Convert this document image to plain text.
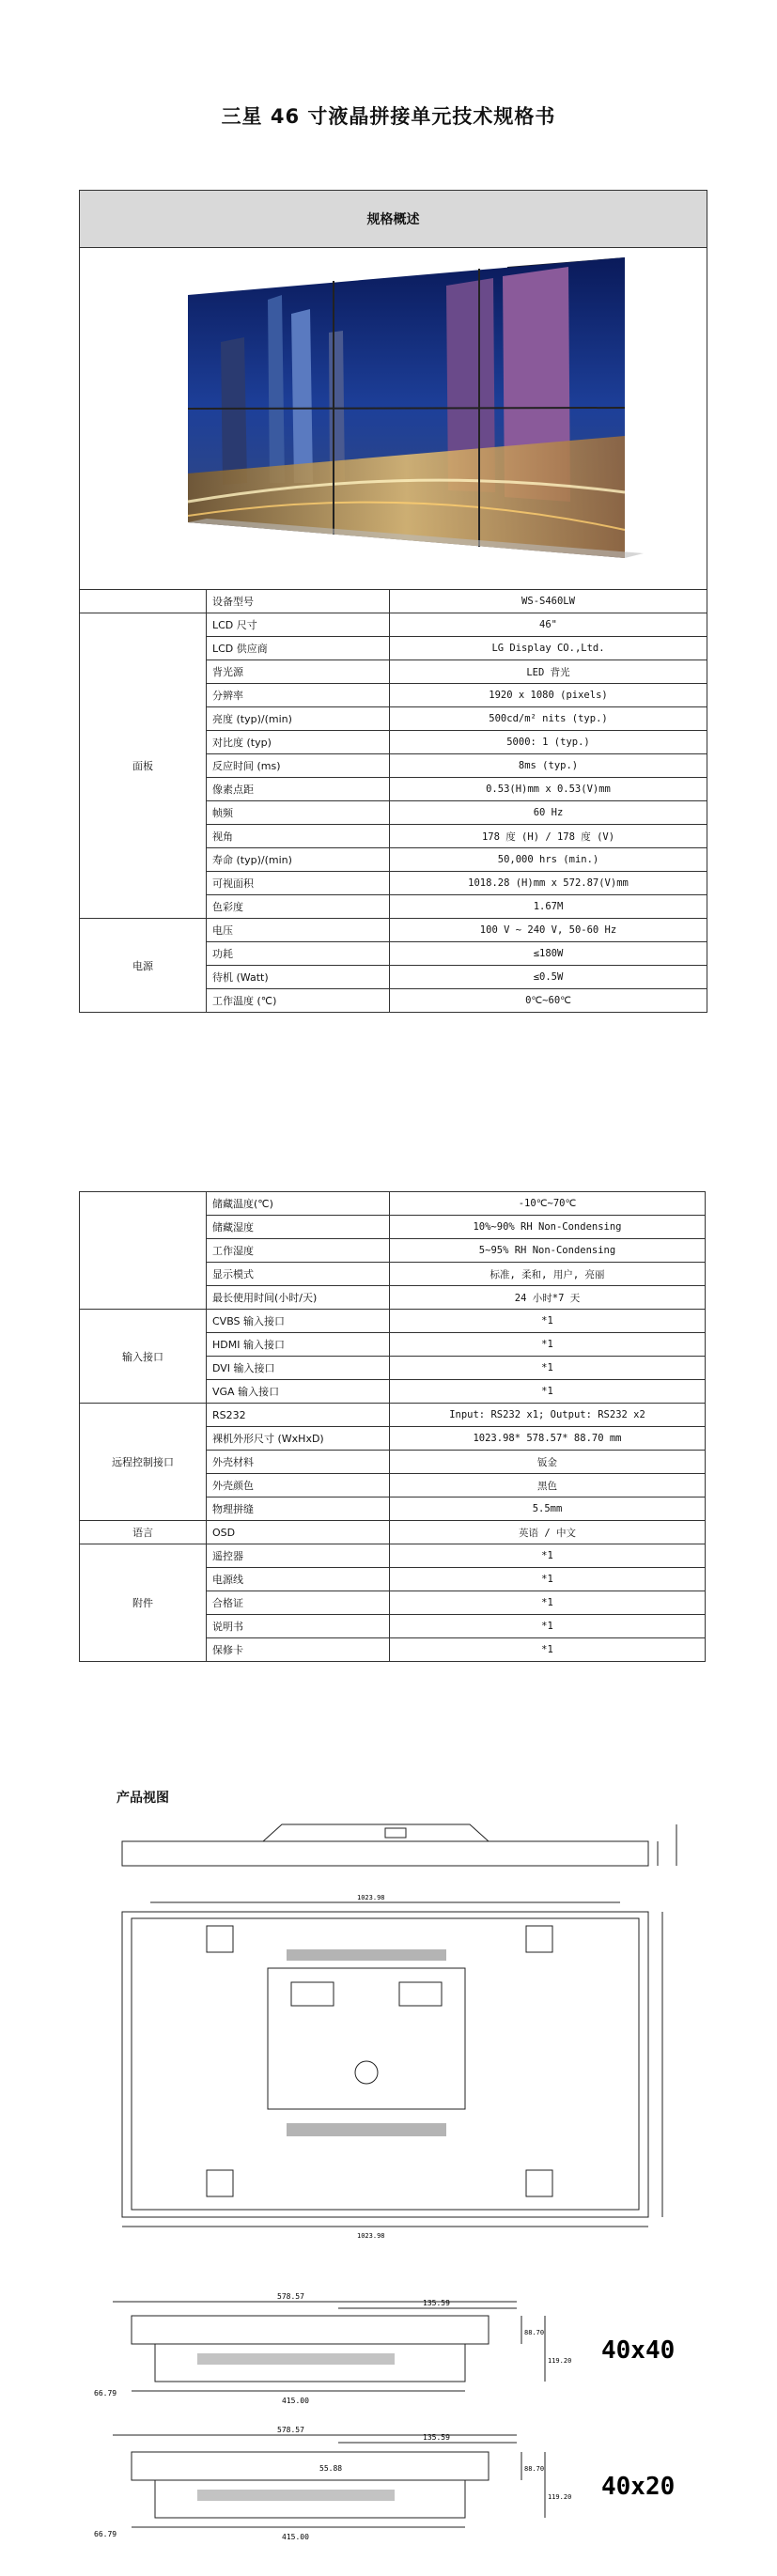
三星 46 寸液晶拼接单元技术规格书
规格概述		

	设备型号	WS-S460LW
面板	LCD 尺寸	46"
	LCD 供应商	LG Display CO.,Ltd.
	背光源	LED 背光
	分辨率	1920 x 1080 (pixels)
	亮度 (typ)/(min)	500cd/m² nits (typ.)
	对比度 (typ)	5000: 1 (typ.)
	反应时间 (ms)	8ms (typ.)
	像素点距	0.53(H)mm x 0.53(V)mm
	帧频	60 Hz
	视角	178 度 (H) / 178 度 (V)
	寿命 (typ)/(min)	50,000 hrs (min.)
	可视面积	1018.28 (H)mm x 572.87(V)mm
	色彩度	1.67M
电源	电压	100 V ~ 240 V, 50-60 Hz
	功耗	≤180W
	待机 (Watt)	≤0.5W
	工作温度 (℃)	0℃~60℃
	储藏温度(℃)	-10℃~70℃
	储藏湿度	10%~90% RH Non-Condensing
	工作湿度	5~95% RH Non-Condensing
	显示模式	标准, 柔和, 用户, 亮丽
	最长使用时间(小时/天)	24 小时*7 天
输入接口	CVBS 输入接口	*1
	HDMI 输入接口	*1
	DVI 输入接口	*1
	VGA 输入接口	*1
远程控制接口	RS232	Input: RS232 x1; Output: RS232 x2
	裸机外形尺寸 (WxHxD)	1023.98* 578.57* 88.70 mm
	外壳材料	钣金
	外壳颜色	黑色
	物理拼缝	5.5mm
语言	OSD	英语 / 中文
附件	遥控器	*1
	电源线	*1
	合格证	*1
	说明书	*1
	保修卡	*1
产品视图
1023.98
1023.98
578.57
135.59
88.70
119.20
415.00
66.79
40x40
578.57
135.59
55.88	88.70
119.20
415.00
66.79
40x20
